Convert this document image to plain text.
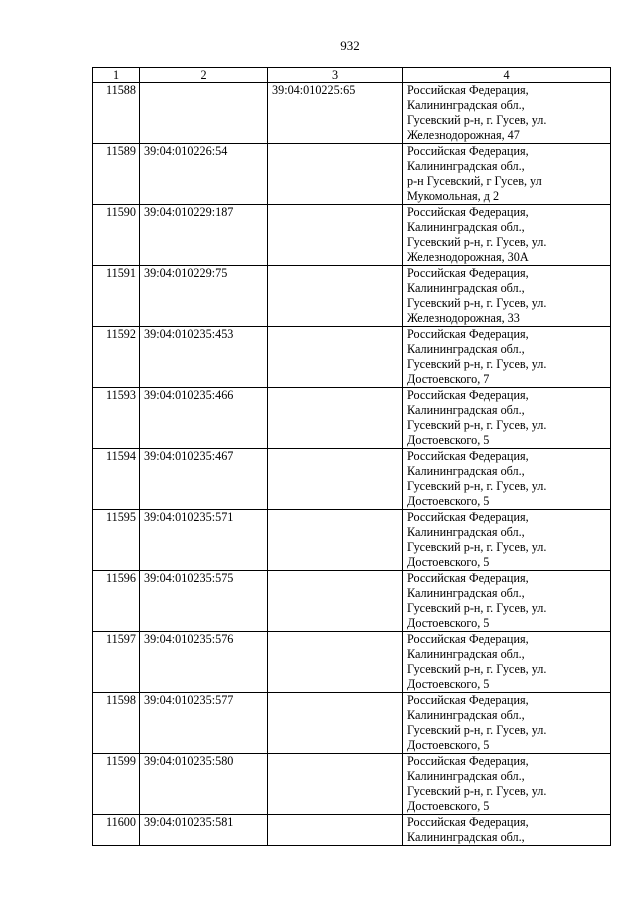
932
1	2	3	4
11588		39:04:010225:65	Российская Федерация,
Калининградская обл.,
Гусевский р-н, г. Гусев, ул.
Железнодорожная, 47

11589	39:04:010226:54		Российская Федерация,
Калининградская обл.,
р-н Гусевский, г Гусев, ул
Мукомольная, д 2

11590	39:04:010229:187		Российская Федерация,
Калининградская обл.,
Гусевский р-н, г. Гусев, ул.
Железнодорожная, 30А

11591	39:04:010229:75		Российская Федерация,
Калининградская обл.,
Гусевский р-н, г. Гусев, ул.
Железнодорожная, 33

11592	39:04:010235:453		Российская Федерация,
Калининградская обл.,
Гусевский р-н, г. Гусев, ул.
Достоевского, 7

11593	39:04:010235:466		Российская Федерация,
Калининградская обл.,
Гусевский р-н, г. Гусев, ул.
Достоевского, 5

11594	39:04:010235:467		Российская Федерация,
Калининградская обл.,
Гусевский р-н, г. Гусев, ул.
Достоевского, 5

11595	39:04:010235:571		Российская Федерация,
Калининградская обл.,
Гусевский р-н, г. Гусев, ул.
Достоевского, 5

11596	39:04:010235:575		Российская Федерация,
Калининградская обл.,
Гусевский р-н, г. Гусев, ул.
Достоевского, 5

11597	39:04:010235:576		Российская Федерация,
Калининградская обл.,
Гусевский р-н, г. Гусев, ул.
Достоевского, 5

11598	39:04:010235:577		Российская Федерация,
Калининградская обл.,
Гусевский р-н, г. Гусев, ул.
Достоевского, 5

11599	39:04:010235:580		Российская Федерация,
Калининградская обл.,
Гусевский р-н, г. Гусев, ул.
Достоевского, 5

11600	39:04:010235:581		Российская Федерация,
Калининградская обл.,
